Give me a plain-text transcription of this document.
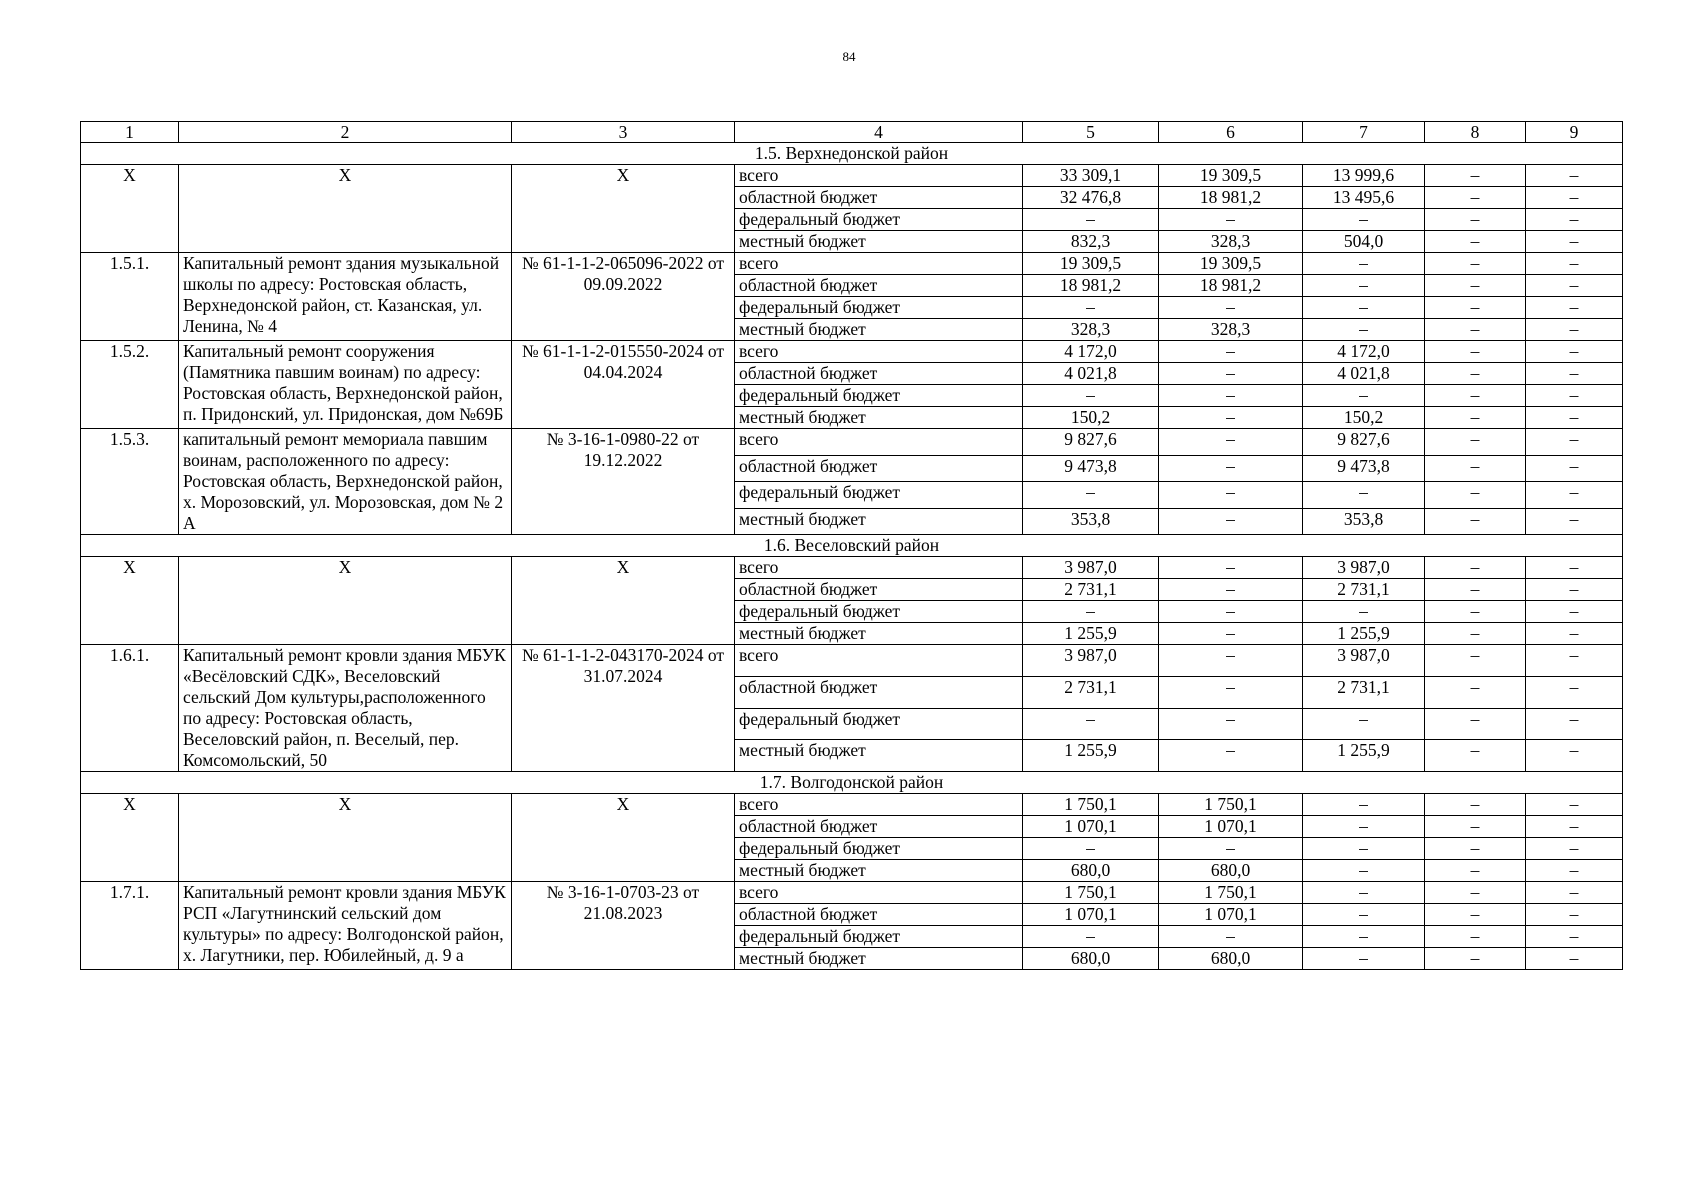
84
1	2	3	4	5	6	7	8	9
1.5. Верхнедонской район								
Х	Х	Х	всего	33 309,1	19 309,5	13 999,6	–	–
			областной бюджет	32 476,8	18 981,2	13 495,6	–	–
			федеральный бюджет	–	–	–	–	–
			местный бюджет	832,3	328,3	504,0	–	–
1.5.1.	Капитальный ремонт здания музыкальной школы по адресу: Ростовская область, Верхнедонской район, ст. Казанская, ул. Ленина, № 4	№ 61-1-1-2-065096-2022 от 09.09.2022	всего	19 309,5	19 309,5	–	–	–
			областной бюджет	18 981,2	18 981,2	–	–	–
			федеральный бюджет	–	–	–	–	–
			местный бюджет	328,3	328,3	–	–	–
1.5.2.	Капитальный ремонт сооружения (Памятника павшим воинам) по адресу: Ростовская область, Верхнедонской район, п. Придонский, ул. Придонская, дом №69Б	№ 61-1-1-2-015550-2024 от 04.04.2024	всего	4 172,0	–	4 172,0	–	–
			областной бюджет	4 021,8	–	4 021,8	–	–
			федеральный бюджет	–	–	–	–	–
			местный бюджет	150,2	–	150,2	–	–
1.5.3.	капитальный ремонт мемориала павшим воинам, расположенного по адресу: Ростовская область, Верхнедонской район, х. Морозовский, ул. Морозовская, дом № 2 А	№ 3-16-1-0980-22 от 19.12.2022	всего	9 827,6	–	9 827,6	–	–
			областной бюджет	9 473,8	–	9 473,8	–	–
			федеральный бюджет	–	–	–	–	–
			местный бюджет	353,8	–	353,8	–	–
1.6. Веселовский район								
Х	Х	Х	всего	3 987,0	–	3 987,0	–	–
			областной бюджет	2 731,1	–	2 731,1	–	–
			федеральный бюджет	–	–	–	–	–
			местный бюджет	1 255,9	–	1 255,9	–	–
1.6.1.	Капитальный ремонт кровли здания МБУК «Весёловский СДК», Веселовский сельский Дом культуры,расположенного по адресу: Ростовская область, Веселовский район, п. Веселый, пер. Комсомольский, 50	№ 61-1-1-2-043170-2024 от 31.07.2024	всего	3 987,0	–	3 987,0	–	–
			областной бюджет	2 731,1	–	2 731,1	–	–
			федеральный бюджет	–	–	–	–	–
			местный бюджет	1 255,9	–	1 255,9	–	–
1.7. Волгодонской район								
Х	Х	Х	всего	1 750,1	1 750,1	–	–	–
			областной бюджет	1 070,1	1 070,1	–	–	–
			федеральный бюджет	–	–	–	–	–
			местный бюджет	680,0	680,0	–	–	–
1.7.1.	Капитальный ремонт кровли здания МБУК РСП «Лагутнинский сельский дом культуры» по адресу: Волгодонской район, х. Лагутники, пер. Юбилейный, д. 9 а	№ 3-16-1-0703-23 от 21.08.2023	всего	1 750,1	1 750,1	–	–	–
			областной бюджет	1 070,1	1 070,1	–	–	–
			федеральный бюджет	–	–	–	–	–
			местный бюджет	680,0	680,0	–	–	–
